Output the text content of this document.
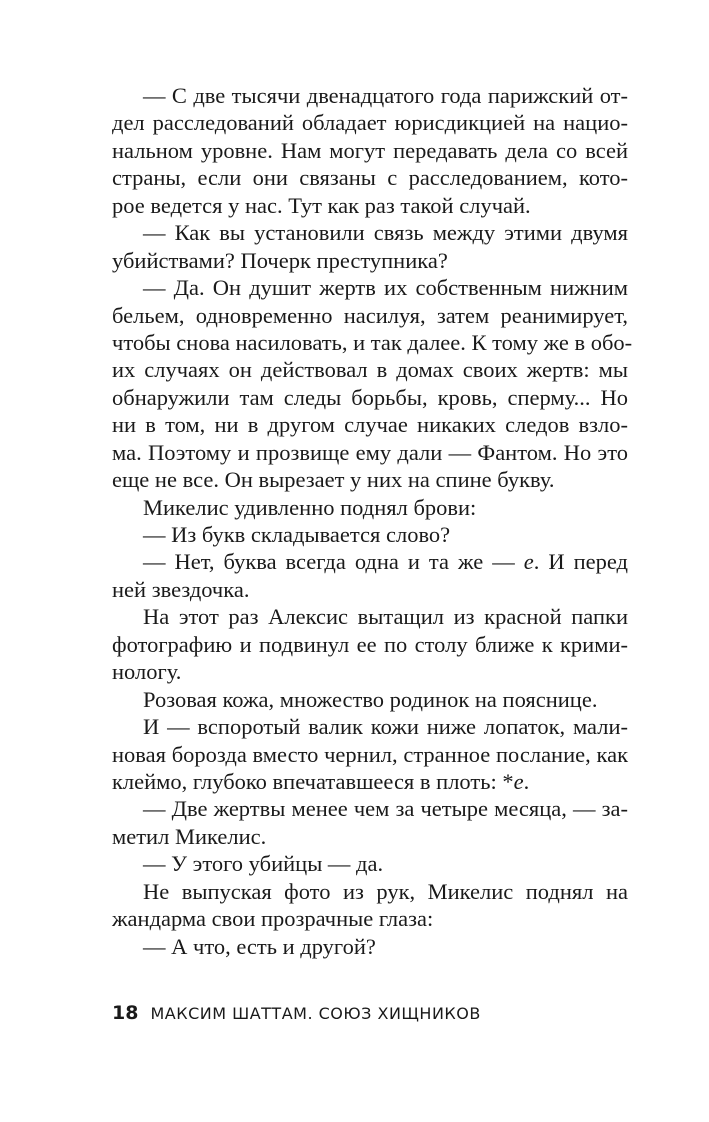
— С две тысячи двенадцатого года парижский от-
дел расследований обладает юрисдикцией на нацио-
нальном уровне. Нам могут передавать дела со всей
страны, если они связаны с расследованием, кото-
рое ведется у нас. Тут как раз такой случай.
— Как вы установили связь между этими двумя
убийствами? Почерк преступника?
— Да. Он душит жертв их собственным нижним
бельем, одновременно насилуя, затем реанимирует,
чтобы снова насиловать, и так далее. К тому же в обо-
их случаях он действовал в домах своих жертв: мы
обнаружили там следы борьбы, кровь, сперму... Но
ни в том, ни в другом случае никаких следов взло-
ма. Поэтому и прозвище ему дали — Фантом. Но это
еще не все. Он вырезает у них на спине букву.
Микелис удивленно поднял брови:
— Из букв складывается слово?
— Нет, буква всегда одна и та же — е. И перед
ней звездочка.
На этот раз Алексис вытащил из красной папки
фотографию и подвинул ее по столу ближе к крими-
нологу.
Розовая кожа, множество родинок на пояснице.
И — вспоротый валик кожи ниже лопаток, мали-
новая борозда вместо чернил, странное послание, как
клеймо, глубоко впечатавшееся в плоть: *е.
— Две жертвы менее чем за четыре месяца, — за-
метил Микелис.
— У этого убийцы — да.
Не выпуская фото из рук, Микелис поднял на
жандарма свои прозрачные глаза:
— А что, есть и другой?
18 МАКСИМ ШАТТАМ. СОЮЗ ХИЩНИКОВ
